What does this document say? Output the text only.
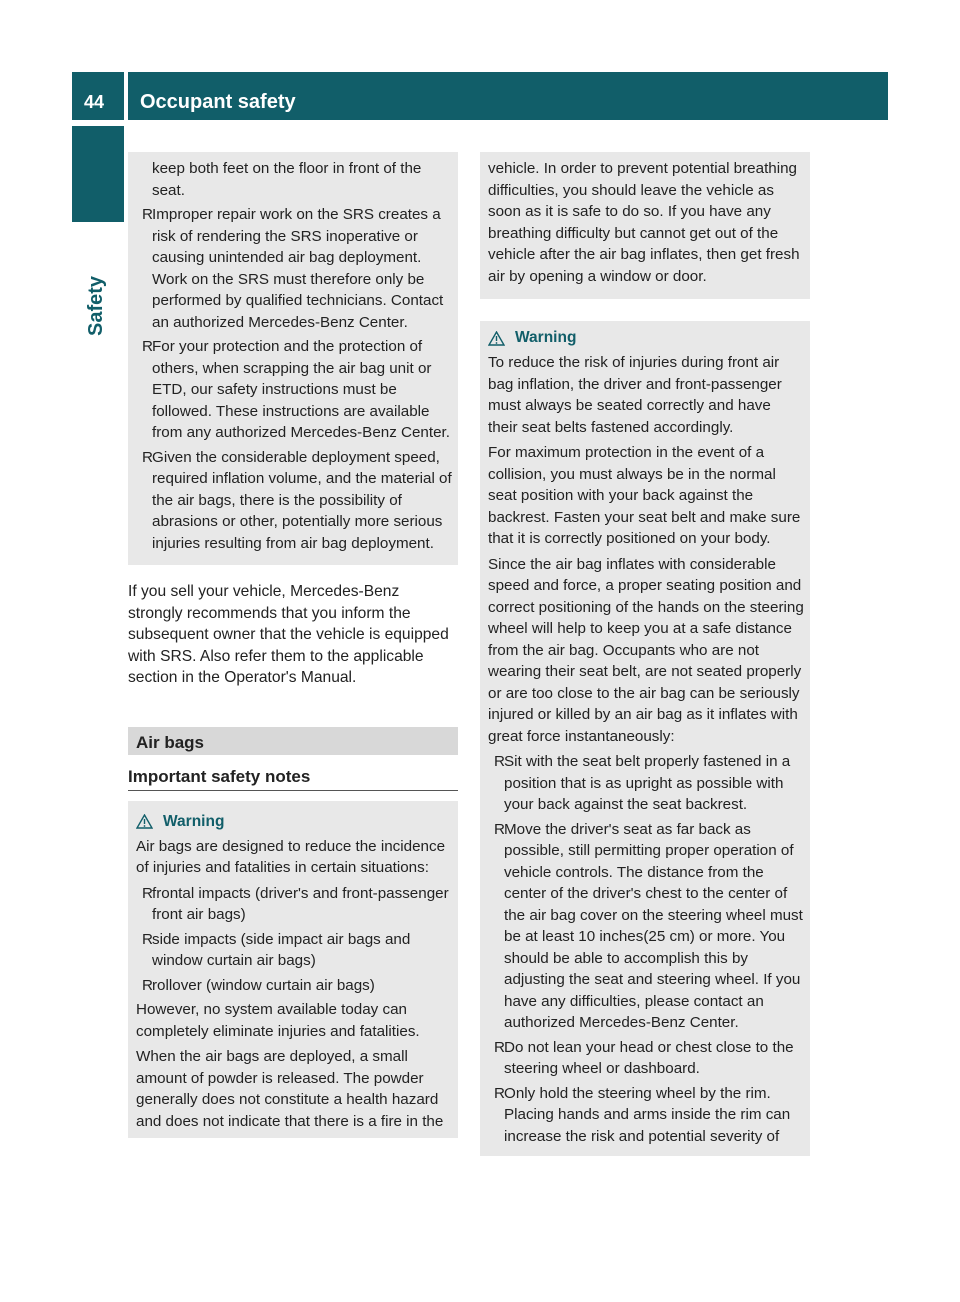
44 Occupant safety
Safety

keep both feet on the floor in front of the seat.

RImproper repair work on the SRS creates a risk of rendering the SRS inoperative or causing unintended air bag deployment. Work on the SRS must therefore only be performed by qualified technicians. Contact an authorized Mercedes-Benz Center.

RFor your protection and the protection of others, when scrapping the air bag unit or ETD, our safety instructions must be followed. These instructions are available from any authorized Mercedes-Benz Center.

RGiven the considerable deployment speed, required inflation volume, and the material of the air bags, there is the possibility of abrasions or other, potentially more serious injuries resulting from air bag deployment.

If you sell your vehicle, Mercedes-Benz strongly recommends that you inform the subsequent owner that the vehicle is equipped with SRS. Also refer them to the applicable section in the Operator's Manual.

Air bags
Important safety notes
Warning

Air bags are designed to reduce the incidence of injuries and fatalities in certain situations:

Rfrontal impacts (driver's and front-passenger front air bags)

Rside impacts (side impact air bags and window curtain air bags)

Rrollover (window curtain air bags)

However, no system available today can completely eliminate injuries and fatalities.

When the air bags are deployed, a small amount of powder is released. The powder generally does not constitute a health hazard and does not indicate that there is a fire in the

vehicle. In order to prevent potential breathing difficulties, you should leave the vehicle as soon as it is safe to do so. If you have any breathing difficulty but cannot get out of the vehicle after the air bag inflates, then get fresh air by opening a window or door.

Warning

To reduce the risk of injuries during front air bag inflation, the driver and front-passenger must always be seated correctly and have their seat belts fastened accordingly.

For maximum protection in the event of a collision, you must always be in the normal seat position with your back against the backrest. Fasten your seat belt and make sure that it is correctly positioned on your body.

Since the air bag inflates with considerable speed and force, a proper seating position and correct positioning of the hands on the steering wheel will help to keep you at a safe distance from the air bag. Occupants who are not wearing their seat belt, are not seated properly or are too close to the air bag can be seriously injured or killed by an air bag as it inflates with great force instantaneously:

RSit with the seat belt properly fastened in a position that is as upright as possible with your back against the seat backrest.

RMove the driver's seat as far back as possible, still permitting proper operation of vehicle controls. The distance from the center of the driver's chest to the center of the air bag cover on the steering wheel must be at least 10 inches(25 cm) or more. You should be able to accomplish this by adjusting the seat and steering wheel. If you have any difficulties, please contact an authorized Mercedes-Benz Center.

RDo not lean your head or chest close to the steering wheel or dashboard.

ROnly hold the steering wheel by the rim. Placing hands and arms inside the rim can increase the risk and potential severity of
